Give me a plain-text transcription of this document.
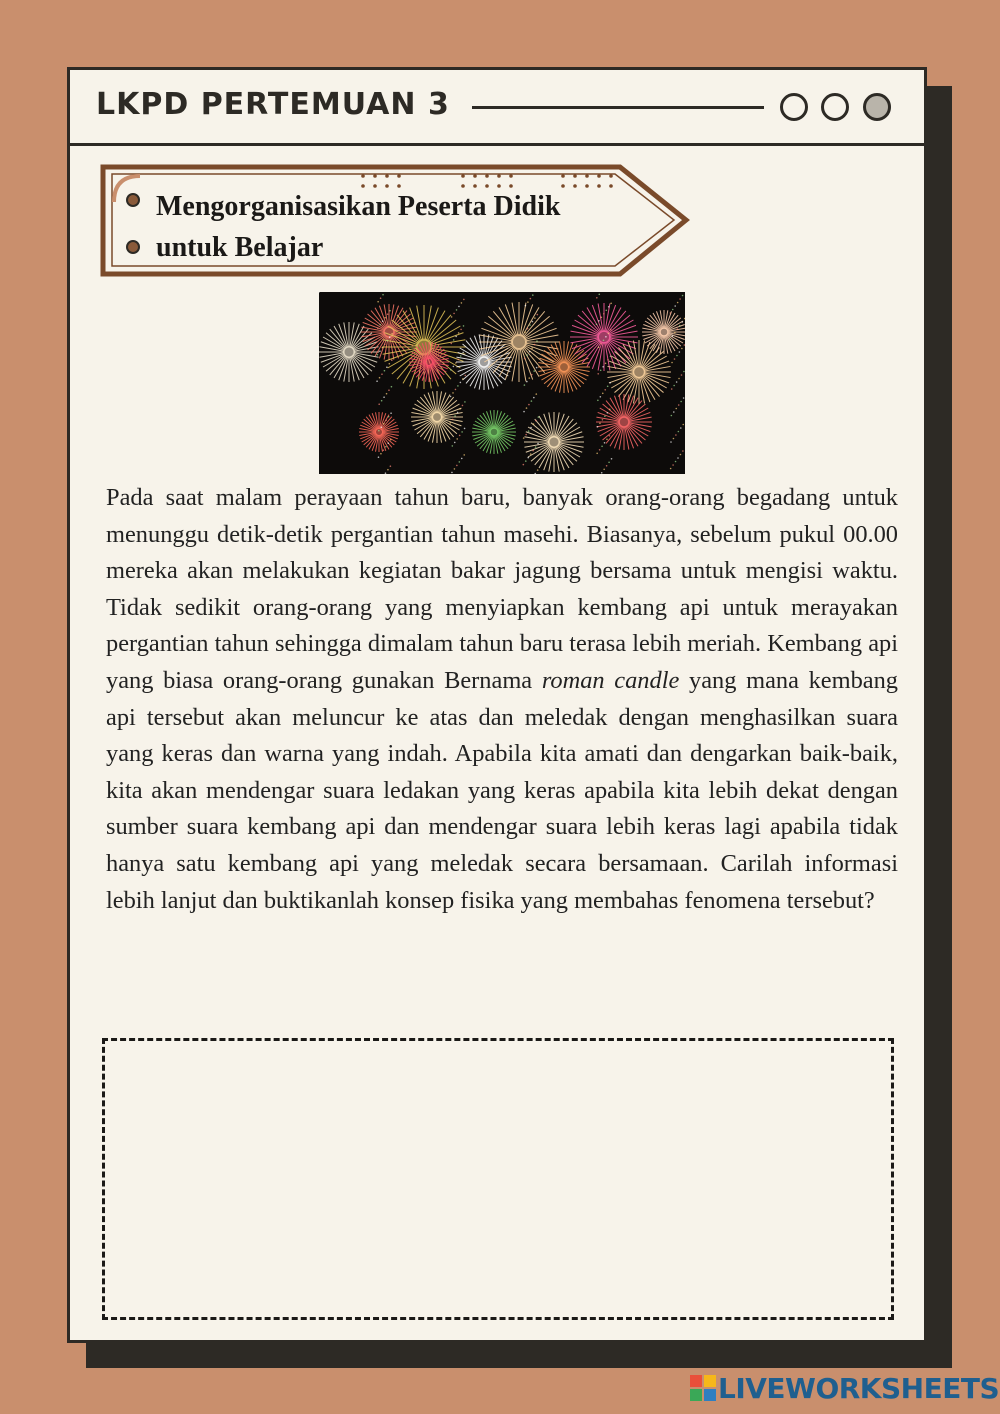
LKPD PERTEMUAN 3
Mengorganisasikan Peserta Didik
untuk Belajar
Pada saat malam perayaan tahun baru, banyak orang-orang begadang untuk menunggu detik-detik pergantian tahun masehi. Biasanya, sebelum pukul 00.00 mereka akan melakukan kegiatan bakar jagung bersama untuk mengisi waktu. Tidak sedikit orang-orang yang menyiapkan kembang api untuk merayakan pergantian tahun sehingga dimalam tahun baru terasa lebih meriah. Kembang api yang biasa orang-orang gunakan Bernama roman candle yang mana kembang api tersebut akan meluncur ke atas dan meledak dengan menghasilkan suara yang keras dan warna yang indah. Apabila kita amati dan dengarkan baik-baik, kita akan mendengar suara ledakan yang keras apabila kita lebih dekat dengan sumber suara kembang api dan mendengar suara lebih keras lagi apabila tidak hanya satu kembang api yang meledak secara bersamaan. Carilah informasi lebih lanjut dan buktikanlah konsep fisika yang membahas fenomena tersebut?
LIVEWORKSHEETS
